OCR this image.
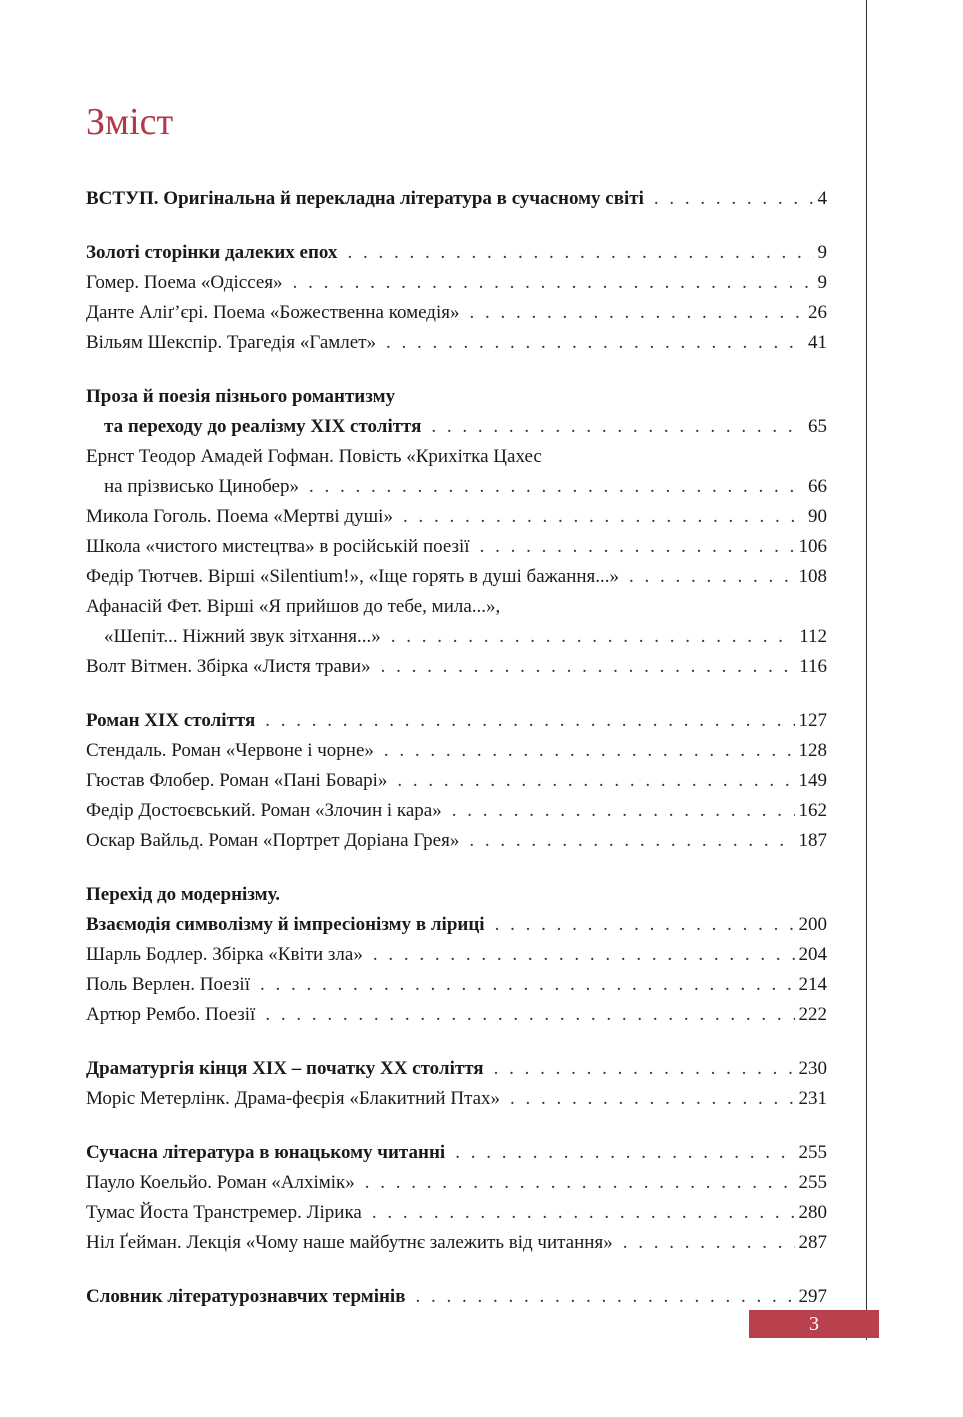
Зміст
ВСТУП. Оригінальна й перекладна література в сучасному світі . . .	4
Золоті сторінки далеких епох . . .	9
Гомер. Поема «Одіссея» . . .	9
Данте Аліґ’єрі. Поема «Божественна комедія» . . .	26
Вільям Шекспір. Трагедія «Гамлет» . . .	41
Проза й поезія пізнього романтизму
та переходу до реалізму XIX століття . . .	65
Ернст Теодор Амадей Гофман. Повість «Крихітка Цахес
на прізвисько Цинобер» . . .	66
Микола Гоголь. Поема «Мертві душі» . . .	90
Школа «чистого мистецтва» в російській поезії . . .	106
Федір Тютчев. Вірші «Silentium!», «Іще горять в душі бажання...» . . .	108
Афанасій Фет. Вірші «Я прийшов до тебе, мила...»,
«Шепіт... Ніжний звук зітхання...» . . .	112
Волт Вітмен. Збірка «Листя трави» . . .	116
Роман XIX століття . . .	127
Стендаль. Роман «Червоне і чорне» . . .	128
Гюстав Флобер. Роман «Пані Боварі» . . .	149
Федір Достоєвський. Роман «Злочин і кара» . . .	162
Оскар Вайльд. Роман «Портрет Доріана Грея» . . .	187
Перехід до модернізму.
Взаємодія символізму й імпресіонізму в ліриці . . .	200
Шарль Бодлер. Збірка «Квіти зла» . . .	204
Поль Верлен. Поезії . . .	214
Артюр Рембо. Поезії . . .	222
Драматургія кінця XIX – початку XX століття . . .	230
Моріс Метерлінк. Драма-феєрія «Блакитний Птах» . . .	231
Сучасна література в юнацькому читанні . . .	255
Пауло Коельйо. Роман «Алхімік» . . .	255
Тумас Йоста Транстремер. Лірика . . .	280
Ніл Ґейман. Лекція «Чому наше майбутнє залежить від читання» . . .	287
Словник літературознавчих термінів . . .	297
3
